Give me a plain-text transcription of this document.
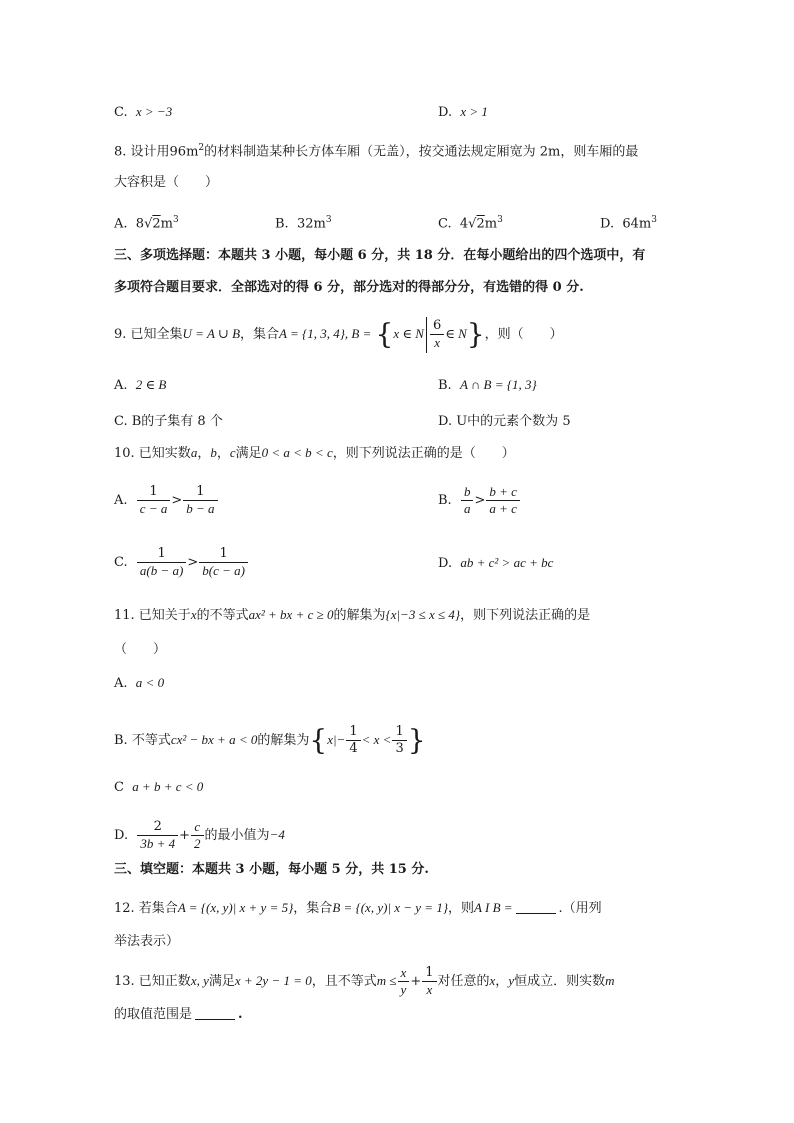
C. x > −3	D. x > 1
8. 设计用$96m^2$的材料制造某种长方体车厢（无盖），按交通法规定厢宽为 2m，则车厢的最
大容积是（　　）
A. $8√2m^3$	B. $32m^3$	C. $4√2m^3$	D. $64m^3$
三、多项选择题：本题共 3 小题，每小题 6 分，共 18 分．在每小题给出的四个选项中，有
多项符合题目要求．全部选对的得 6 分，部分选对的得部分分，有选错的得 0 分.
9. 已知全集U = A ∪ B，集合A = {1, 3, 4}, B = {x ∈ N $\frac{6}{x}$ ∈ N}，则（　　）
A. 2 ∈ B	B. A ∩ B = {1, 3}
C. B的子集有 8 个	D. U中的元素个数为 5
10. 已知实数a，b，c满足0 < a < b < c，则下列说法正确的是（　　）
A. $\frac{1}{c - a} > \frac{1}{b - a}$	B. $\frac{b}{a} > \frac{b + c}{a + c}$
C. $\frac{1}{a(b - a)} > \frac{1}{b(c - a)}$	D. ab + c² > ac + bc
11. 已知关于x的不等式ax² + bx + c ≥ 0的解集为{x|−3 ≤ x ≤ 4}，则下列说法正确的是
（　　）
A. a < 0
B. 不等式cx² − bx + a < 0的解集为{$x|- \frac{1}{4} < x < \frac{1}{3}$ }
C a + b + c < 0
D. $\frac{2}{3b + 4} + \frac{c}{2}$ 的最小值为−4
三、填空题：本题共 3 小题，每小题 5 分，共 15 分.
12. 若集合A = {(x, y)| x + y = 5}，集合B = {(x, y)| x − y = 1}，则A I B =	.（用列
举法表示）
13. 已知正数x, y满足x + 2y − 1 = 0，且不等式$m \le \frac{x}{y} + \frac{1}{x}$ 对任意的x，y恒成立．则实数m
的取值范围是	.
